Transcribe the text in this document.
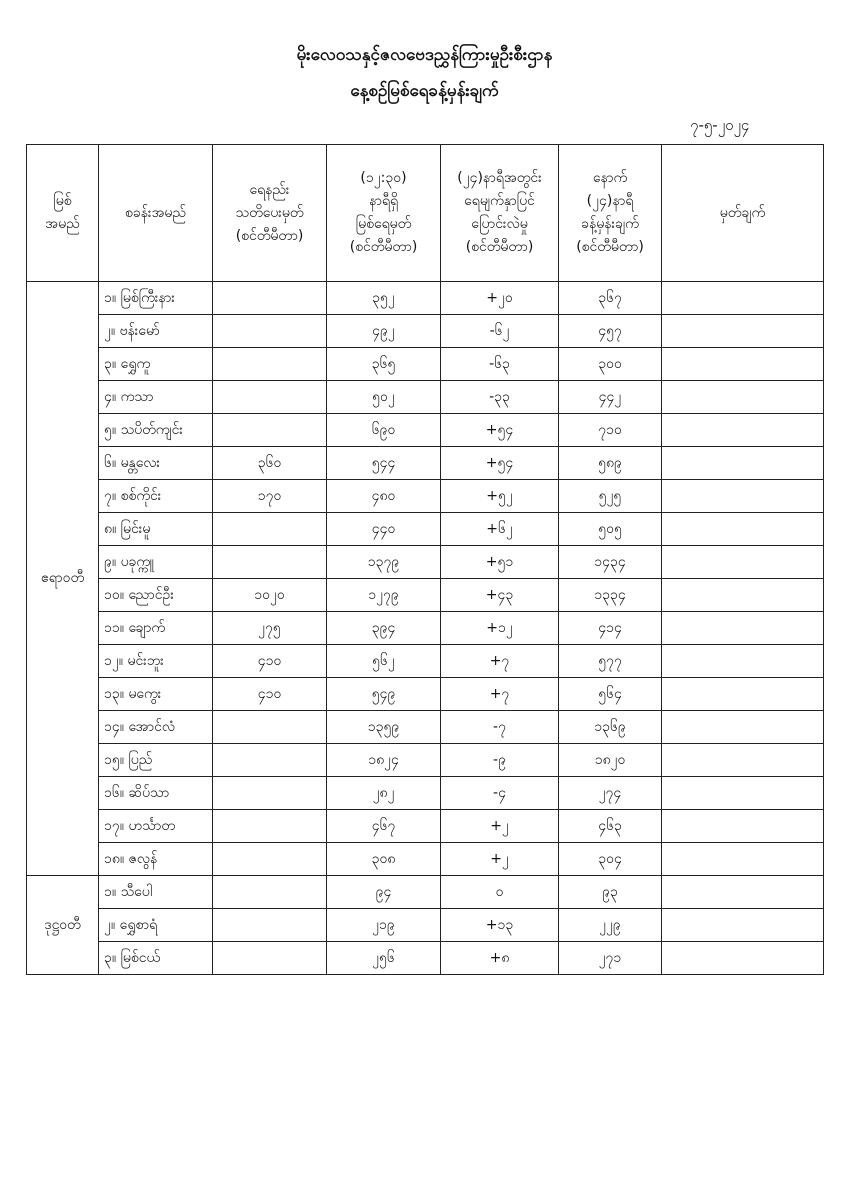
မိုးလေဝသနှင့်ဇလဗေဒညွှန်ကြားမှုဦးစီးဌာန
နေ့စဉ်မြစ်ရေခန့်မှန်းချက်
၇-၅-၂၀၂၄
မြစ်
အမည်	စခန်းအမည်	ရေနည်း
သတိပေးမှတ်
(စင်တီမီတာ)	(၁၂:၃၀)
နာရီရှိ
မြစ်ရေမှတ်
(စင်တီမီတာ)	(၂၄)နာရီအတွင်း
ရေမျက်နှာပြင်
ပြောင်းလဲမှု
(စင်တီမီတာ)	နောက်
(၂၄)နာရီ
ခန့်မှန်းချက်
(စင်တီမီတာ)	မှတ်ချက်

ဧရာဝတီ	၁။ မြစ်ကြီးနား		၃၅၂	+၂၀	၃၆၇	
	၂။ ဗန်းမော်		၄၉၂	-၆၂	၄၅၇	
	၃။ ရွှေကူ		၃၆၅	-၆၃	၃၀၀	
	၄။ ကသာ		၅၀၂	-၃၃	၄၄၂	
	၅။ သပိတ်ကျင်း		၆၉၀	+၅၄	၇၁၀	
	၆။ မန္တလေး	၃၆၀	၅၄၄	+၅၄	၅၈၉	
	၇။ စစ်ကိုင်း	၁၇၀	၄၈၀	+၅၂	၅၂၅	
	၈။ မြင်းမူ		၄၄၀	+၆၂	၅၀၅	
	၉။ ပခုက္ကူ		၁၃၇၉	+၅၁	၁၄၃၄	
	၁၀။ ညောင်ဦး	၁၀၂၀	၁၂၇၉	+၄၃	၁၃၃၄	
	၁၁။ ချောက်	၂၇၅	၃၉၄	+၁၂	၄၁၄	
	၁၂။ မင်းဘူး	၄၁၀	၅၆၂	+၇	၅၇၇	
	၁၃။ မကွေး	၄၁၀	၅၄၉	+၇	၅၆၄	
	၁၄။ အောင်လံ		၁၃၅၉	-၇	၁၃၆၉	
	၁၅။ ပြည်		၁၈၂၄	-၉	၁၈၂၀	
	၁၆။ ဆိပ်သာ		၂၈၂	-၄	၂၇၄	
	၁၇။ ဟင်္သာတ		၄၆၇	+၂	၄၆၃	
	၁၈။ ဇလွန်		၃၀၈	+၂	၃၀၄	
ဒုဋ္ဌဝတီ	၁။ သီပေါ		၉၄	၀	၉၃	
	၂။ ရွှေစာရံ		၂၁၉	+၁၃	၂၂၉	
	၃။ မြစ်ငယ်		၂၅၆	+၈	၂၇၁	
